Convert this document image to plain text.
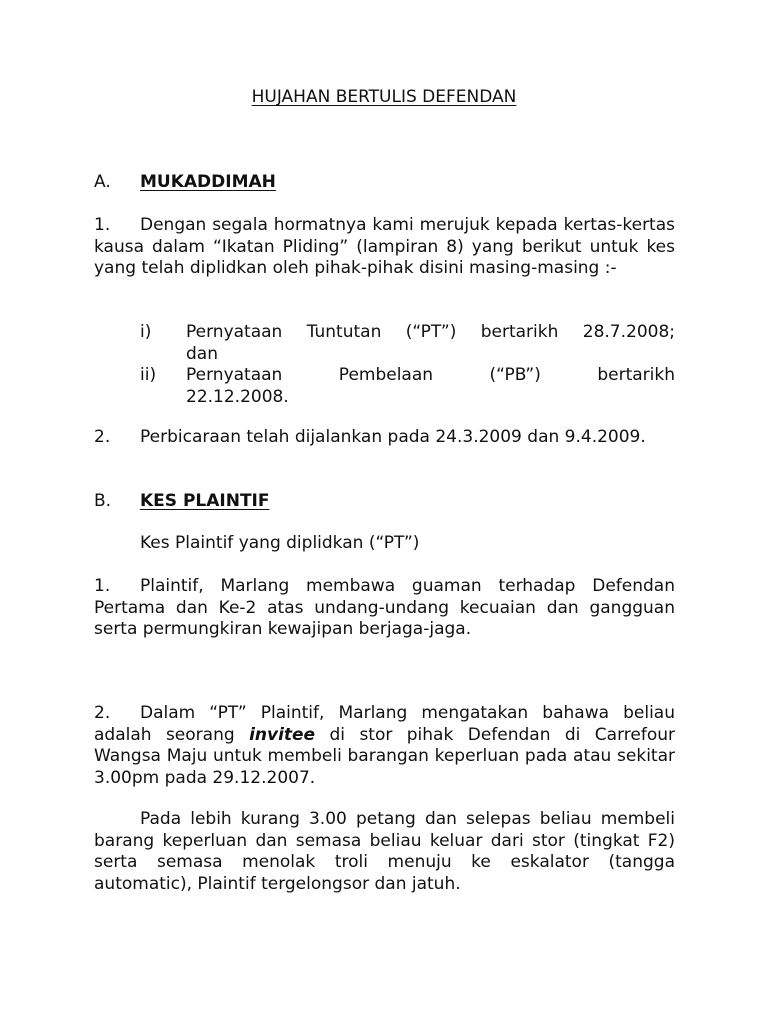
HUJAHAN BERTULIS DEFENDAN
A.	MUKADDIMAH
1. Dengan segala hormatnya kami merujuk kepada kertas-kertas kausa dalam “Ikatan Pliding” (lampiran 8) yang berikut untuk kes yang telah diplidkan oleh pihak-pihak disini masing-masing :-
i)	Pernyataan Tuntutan (“PT”) bertarikh 28.7.2008;
dan
ii)	Pernyataan Pembelaan (“PB”) bertarikh
22.12.2008.
2. Perbicaraan telah dijalankan pada 24.3.2009 dan 9.4.2009.
B.	KES PLAINTIF
Kes Plaintif yang diplidkan (“PT”)
1. Plaintif, Marlang membawa guaman terhadap Defendan Pertama dan Ke-2 atas undang-undang kecuaian dan gangguan serta permungkiran kewajipan berjaga-jaga.
2. Dalam “PT” Plaintif, Marlang mengatakan bahawa beliau adalah seorang invitee di stor pihak Defendan di Carrefour Wangsa Maju untuk membeli barangan keperluan pada atau sekitar 3.00pm pada 29.12.2007.
Pada lebih kurang 3.00 petang dan selepas beliau membeli barang keperluan dan semasa beliau keluar dari stor (tingkat F2) serta semasa menolak troli menuju ke eskalator (tangga automatic), Plaintif tergelongsor dan jatuh.
